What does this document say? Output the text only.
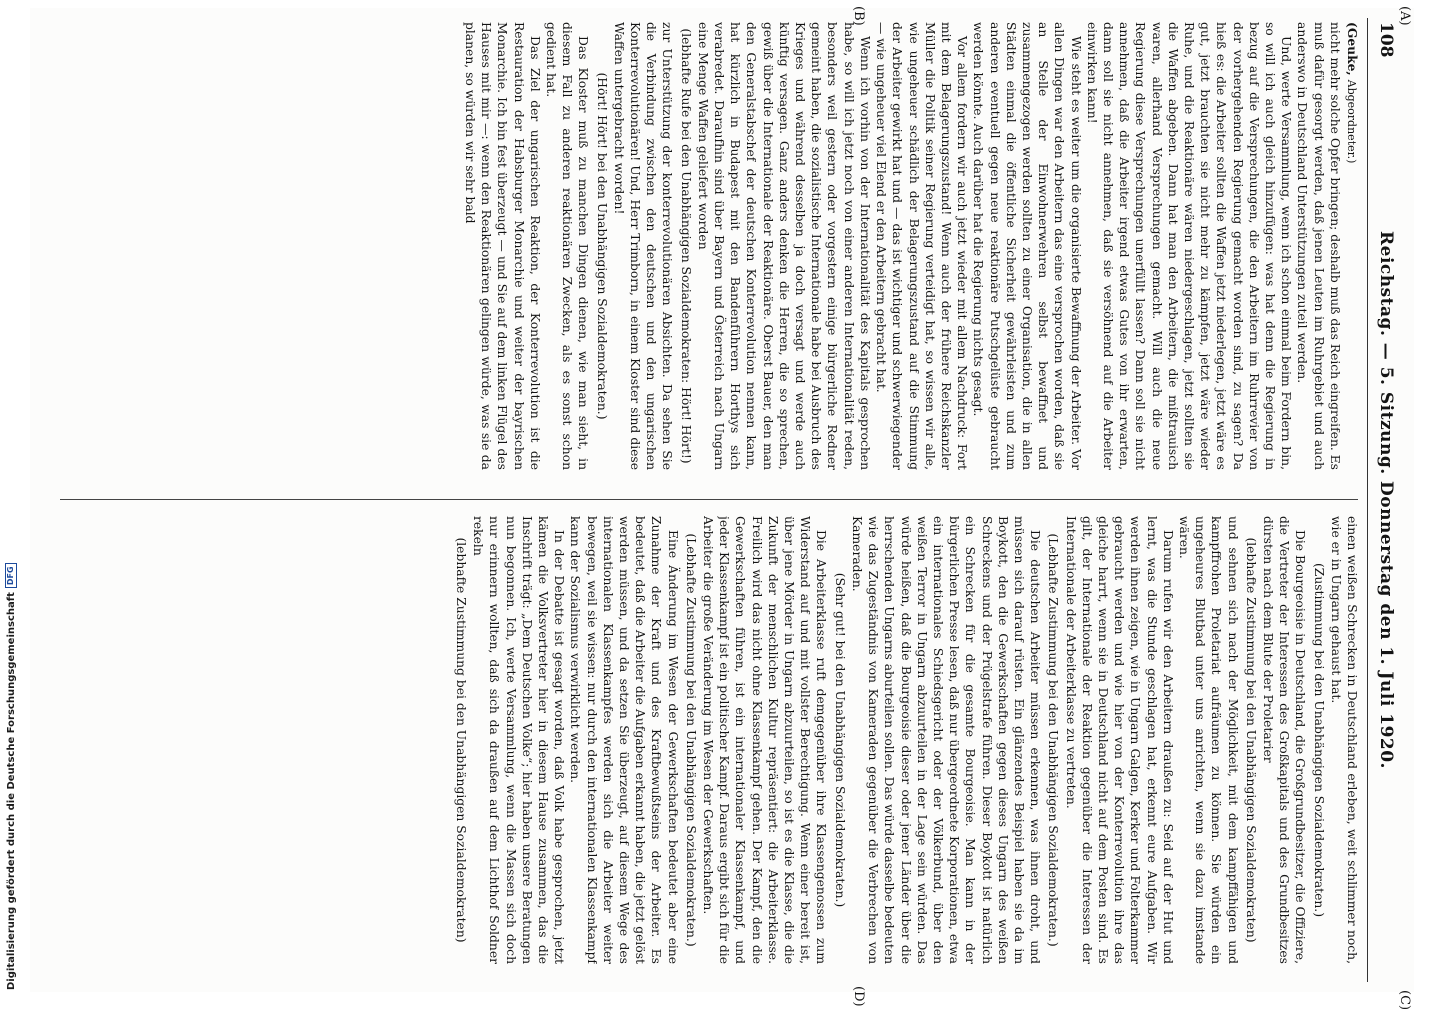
Digitalisierung gefördert durch die Deutsche Forschungsgemeinschaft
DFG
108
Reichstag. — 5. Sitzung. Donnerstag den 1. Juli 1920.
(A)
(B)
(C)
(D)

(Geuke, Abgeordneter.)

nicht mehr solche Opfer bringen; deshalb muß das Reich eingreifen. Es muß dafür gesorgt werden, daß jenen Leuten im Ruhrgebiet und auch anderswo in Deutschland Unterstützungen zuteil werden.

Und, werte Versammlung, wenn ich schon einmal beim Fordern bin, so will ich auch gleich hinzufügen: was hat denn die Regierung in bezug auf die Versprechungen, die den Arbeitern im Ruhrrevier von der vorhergehenden Regierung gemacht worden sind, zu sagen? Da hieß es: die Arbeiter sollten die Waffen jetzt niederlegen, jetzt wäre es gut, jetzt brauchten sie nicht mehr zu kämpfen, jetzt wäre wieder Ruhe, und die Reaktionäre wären niedergeschlagen, jetzt sollten sie die Waffen abgeben. Dann hat man den Arbeitern, die mißtrauisch waren, allerhand Versprechungen gemacht. Will auch die neue Regierung diese Versprechungen unerfüllt lassen? Dann soll sie nicht annehmen, daß die Arbeiter irgend etwas Gutes von ihr erwarten, dann soll sie nicht annehmen, daß sie versöhnend auf die Arbeiter einwirken kann!

Wie steht es weiter um die organisierte Bewaffnung der Arbeiter. Vor allen Dingen war den Arbeitern das eine versprochen worden, daß sie an Stelle der Einwohnerwehren selbst bewaffnet und zusammengezogen werden sollten zu einer Organisation, die in allen Städten einmal die öffentliche Sicherheit gewährleisten und zum anderen eventuell gegen neue reaktionäre Putschgelüste gebraucht werden könnte. Auch darüber hat die Regierung nichts gesagt.

Vor allem fordern wir auch jetzt wieder mit allem Nachdruck: Fort mit dem Belagerungszustand! Wenn auch der frühere Reichskanzler Müller die Politik seiner Regierung verteidigt hat, so wissen wir alle, wie ungeheuer schädlich der Belagerungszustand auf die Stimmung der Arbeiter gewirkt hat und — das ist wichtiger und schwerwiegender — wie ungeheuer viel Elend er den Arbeitern gebracht hat.

Wenn ich vorhin von der Internationalität des Kapitals gesprochen habe, so will ich jetzt noch von einer anderen Internationalität reden, besonders weil gestern oder vorgestern einige bürgerliche Redner gemeint haben, die sozialistische Internationale habe bei Ausbruch des Krieges und während desselben ja doch versagt und werde auch künftig versagen. Ganz anders denken die Herren, die so sprechen, gewiß über die Internationale der Reaktionäre. Oberst Bauer, den man den Generalstabschef der deutschen Konterrevolution nennen kann, hat kürzlich in Budapest mit den Bandenführern Horthys sich verabredet. Daraufhin sind über Bayern und Österreich nach Ungarn eine Menge Waffen geliefert worden

(lebhafte Rufe bei den Unabhängigen Sozialdemokraten: Hört! Hört!)

zur Unterstützung der konterrevolutionären Absichten. Da sehen Sie die Verbindung zwischen den deutschen und den ungarischen Konterrevolutionären! Und, Herr Trimborn, in einem Kloster sind diese Waffen untergebracht worden!

(Hört! Hört! bei den Unabhängigen Sozialdemokraten.)

Das Kloster muß zu manchen Dingen dienen, wie man sieht, in diesem Fall zu anderen reaktionären Zwecken, als es sonst schon gedient hat.

Das Ziel der ungarischen Reaktion, der Konterrevolution ist die Restauration der Habsburger Monarchie und weiter der bayrischen Monarchie. Ich bin fest überzeugt — und Sie auf dem linken Flügel des Hauses mit mir —: wenn den Reaktionären gelingen würde, was sie da planen, so würden wir sehr bald

einen weißen Schrecken in Deutschland erleben, weit schlimmer noch, wie er in Ungarn gehaust hat.

(Zustimmung bei den Unabhängigen Sozialdemokraten.)

Die Bourgeoisie in Deutschland, die Großgrundbesitzer, die Offiziere, die Vertreter der Interessen des Großkapitals und des Grundbesitzes dürsten nach dem Blute der Proletarier

(lebhafte Zustimmung bei den Unabhängigen Sozialdemokraten)

und sehnen sich nach der Möglichkeit, mit dem kampffähigen und kampffrohen Proletariat aufräumen zu können. Sie würden ein ungeheures Blutbad unter uns anrichten, wenn sie dazu imstande wären.

Darum rufen wir den Arbeitern draußen zu: Seid auf der Hut und lernt, was die Stunde geschlagen hat, erkennt eure Aufgaben. Wir werden ihnen zeigen, wie in Ungarn Galgen, Kerker und Folterkammer gebraucht werden und wie hier von der Konterrevolution ihre das gleiche harrt, wenn sie in Deutschland nicht auf dem Posten sind. Es gilt, der Internationale der Reaktion gegenüber die Interessen der Internationale der Arbeiterklasse zu vertreten.

(Lebhafte Zustimmung bei den Unabhängigen Sozialdemokraten.)

Die deutschen Arbeiter müssen erkennen, was ihnen droht, und müssen sich darauf rüsten. Ein glänzendes Beispiel haben sie da im Boykott, den die Gewerkschaften gegen dieses Ungarn des weißen Schreckens und der Prügelstrafe führen. Dieser Boykott ist natürlich ein Schrecken für die gesamte Bourgeoisie. Man kann in der bürgerlichen Presse lesen, daß nur übergeordnete Korporationen, etwa ein internationales Schiedsgericht oder der Völkerbund, über den weißen Terror in Ungarn abzuurteilen in der Lage sein würden. Das würde heißen, daß die Bourgeoisie dieser oder jener Länder über die herrschenden Ungarns aburteilen sollen. Das würde dasselbe bedeuten wie das Zugeständnis von Kameraden gegenüber die Verbrechen von Kameraden.

(Sehr gut! bei den Unabhängigen Sozialdemokraten.)

Die Arbeiterklasse ruft demgegenüber ihre Klassengenossen zum Widerstand auf und mit vollster Berechtigung. Wenn einer bereit ist, über jene Mörder in Ungarn abzuurteilen, so ist es die Klasse, die die Zukunft der menschlichen Kultur repräsentiert: die Arbeiterklasse. Freilich wird das nicht ohne Klassenkampf gehen. Der Kampf, den die Gewerkschaften führen, ist ein internationaler Klassenkampf, und jeder Klassenkampf ist ein politischer Kampf. Daraus ergibt sich für die Arbeiter die große Veränderung im Wesen der Gewerkschaften.

(Lebhafte Zustimmung bei den Unabhängigen Sozialdemokraten.)

Eine Änderung im Wesen der Gewerkschaften bedeutet aber eine Zunahme der Kraft und des Kraftbewußtseins der Arbeiter. Es bedeutet, daß die Arbeiter die Aufgaben erkannt haben, die jetzt gelöst werden müssen, und da setzen Sie überzeugt, auf diesem Wege des internationalen Klassenkampfes werden sich die Arbeiter weiter bewegen, weil sie wissen: nur durch den internationalen Klassenkampf kann der Sozialismus verwirklicht werden.

In der Debatte ist gesagt worden, daß Volk habe gesprochen, jetzt kämen die Volksvertreter hier in diesem Hause zusammen, das die Inschrift trägt: „Dem Deutschen Volke“; hier haben unsere Beratungen nun begonnen. Ich, werte Versammlung, wenn die Massen sich doch nur erinnern wollten, daß sich da draußen auf dem Lichthof Soldner rekeln

(lebhafte Zustimmung bei den Unabhängigen Sozialdemokraten)
